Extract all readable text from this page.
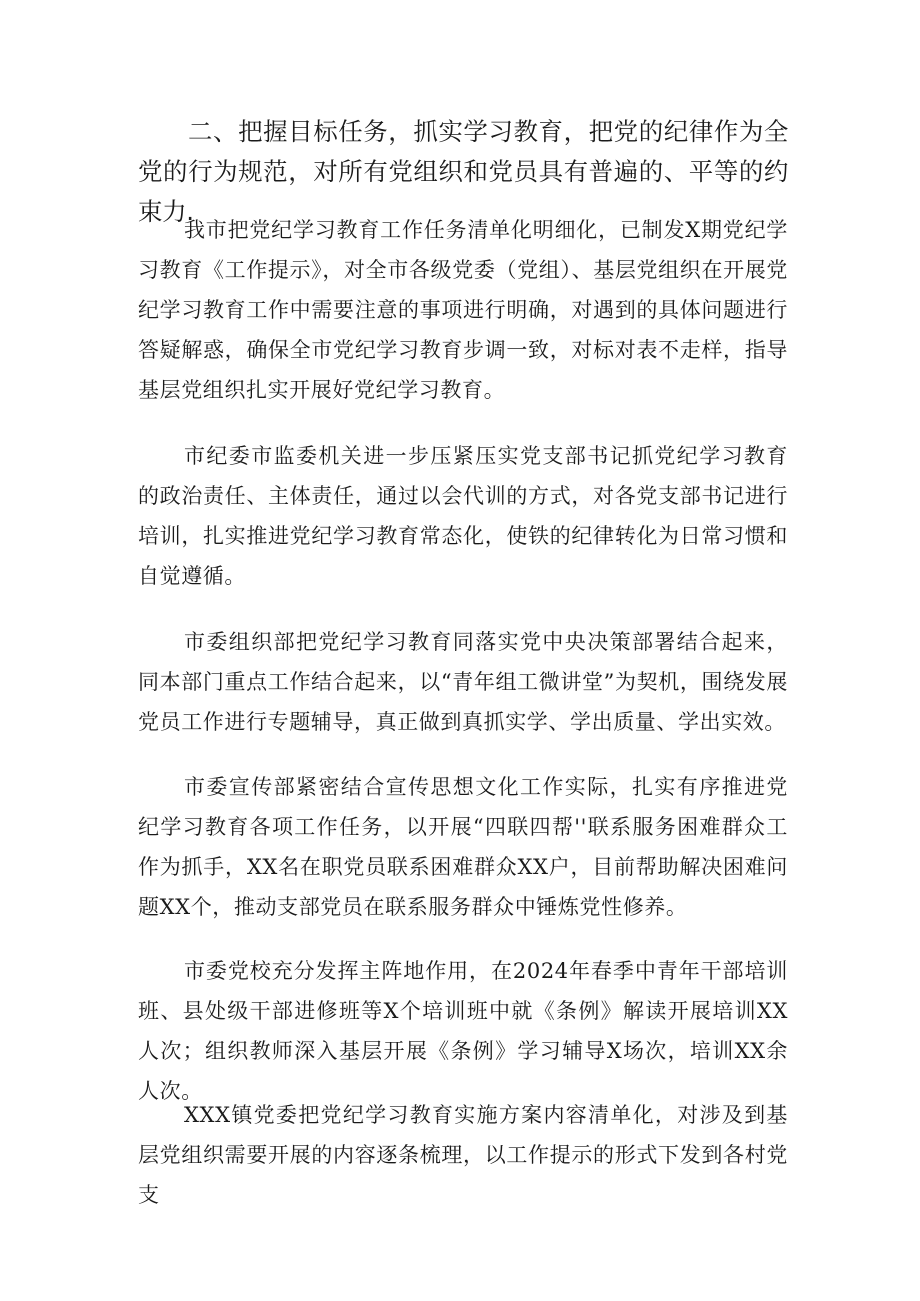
二、把握目标任务，抓实学习教育，把党的纪律作为全党的行为规范，对所有党组织和党员具有普遍的、平等的约束力.

我市把党纪学习教育工作任务清单化明细化，已制发X期党纪学习教育《工作提示》，对全市各级党委（党组）、基层党组织在开展党纪学习教育工作中需要注意的事项进行明确，对遇到的具体问题进行答疑解惑，确保全市党纪学习教育步调一致，对标对表不走样，指导基层党组织扎实开展好党纪学习教育。

市纪委市监委机关进一步压紧压实党支部书记抓党纪学习教育的政治责任、主体责任，通过以会代训的方式，对各党支部书记进行培训，扎实推进党纪学习教育常态化，使铁的纪律转化为日常习惯和自觉遵循。

市委组织部把党纪学习教育同落实党中央决策部署结合起来，同本部门重点工作结合起来，以“青年组工微讲堂”为契机，围绕发展党员工作进行专题辅导，真正做到真抓实学、学出质量、学出实效。

市委宣传部紧密结合宣传思想文化工作实际，扎实有序推进党纪学习教育各项工作任务，以开展“四联四帮''联系服务困难群众工作为抓手，XX名在职党员联系困难群众XX户，目前帮助解决困难问题XX个，推动支部党员在联系服务群众中锤炼党性修养。

市委党校充分发挥主阵地作用，在2024年春季中青年干部培训班、县处级干部进修班等X个培训班中就《条例》解读开展培训XX人次；组织教师深入基层开展《条例》学习辅导X场次，培训XX余人次。

XXX镇党委把党纪学习教育实施方案内容清单化，对涉及到基层党组织需要开展的内容逐条梳理，以工作提示的形式下发到各村党支
